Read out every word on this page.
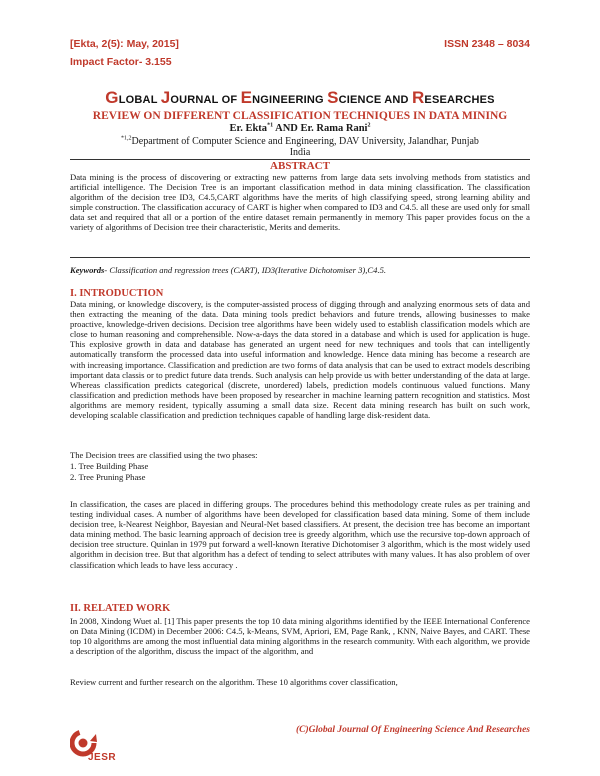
[Ekta, 2(5): May, 2015]	ISSN 2348 – 8034
Impact Factor- 3.155
GLOBAL JOURNAL OF ENGINEERING SCIENCE AND RESEARCHES
REVIEW ON DIFFERENT CLASSIFICATION TECHNIQUES IN DATA MINING
Er. Ekta$^{*1}$ AND Er. Rama Rani$^2$
$^{*1,2}$Department of Computer Science and Engineering, DAV University, Jalandhar, Punjab
India
ABSTRACT
Data mining is the process of discovering or extracting new patterns from large data sets involving methods from statistics and artificial intelligence. The Decision Tree is an important classification method in data mining classification. The classification algorithm of the decision tree ID3, C4.5,CART algorithms have the merits of high classifying speed, strong learning ability and simple construction. The classification accuracy of CART is higher when compared to ID3 and C4.5. all these are used only for small data set and required that all or a portion of the entire dataset remain permanently in memory This paper provides focus on the a variety of algorithms of Decision tree their characteristic, Merits and demerits.
Keywords- Classification and regression trees (CART), ID3(Iterative Dichotomiser 3),C4.5.
I. INTRODUCTION
Data mining, or knowledge discovery, is the computer-assisted process of digging through and analyzing enormous sets of data and then extracting the meaning of the data. Data mining tools predict behaviors and future trends, allowing businesses to make proactive, knowledge-driven decisions. Decision tree algorithms have been widely used to establish classification models which are close to human reasoning and comprehensible. Now-a-days the data stored in a database and which is used for application is huge. This explosive growth in data and database has generated an urgent need for new techniques and tools that can intelligently automatically transform the processed data into useful information and knowledge. Hence data mining has become a research are with increasing importance. Classification and prediction are two forms of data analysis that can be used to extract models describing important data classis or to predict future data trends. Such analysis can help provide us with better understanding of the data at large. Whereas classification predicts categorical (discrete, unordered) labels, prediction models continuous valued functions. Many classification and prediction methods have been proposed by researcher in machine learning pattern recognition and statistics. Most algorithms are memory resident, typically assuming a small data size. Recent data mining research has built on such work, developing scalable classification and prediction techniques capable of handling large disk-resident data.
The Decision trees are classified using the two phases:
1. Tree Building Phase
2. Tree Pruning Phase
In classification, the cases are placed in differing groups. The procedures behind this methodology create rules as per training and testing individual cases. A number of algorithms have been developed for classification based data mining. Some of them include decision tree, k-Nearest Neighbor, Bayesian and Neural-Net based classifiers. At present, the decision tree has become an important data mining method. The basic learning approach of decision tree is greedy algorithm, which use the recursive top-down approach of decision tree structure. Quinlan in 1979 put forward a well-known Iterative Dichotomiser 3 algorithm, which is the most widely used algorithm in decision tree. But that algorithm has a defect of tending to select attributes with many values. It has also problem of over classification which leads to have less accuracy .
II. RELATED WORK
In 2008, Xindong Wuet al. [1] This paper presents the top 10 data mining algorithms identified by the IEEE International Conference on Data Mining (ICDM) in December 2006: C4.5, k-Means, SVM, Apriori, EM, Page Rank, , KNN, Naive Bayes, and CART. These top 10 algorithms are among the most influential data mining algorithms in the research community. With each algorithm, we provide a description of the algorithm, discuss the impact of the algorithm, and
Review current and further research on the algorithm. These 10 algorithms cover classification,
(C)Global Journal Of Engineering Science And Researches
JESR
